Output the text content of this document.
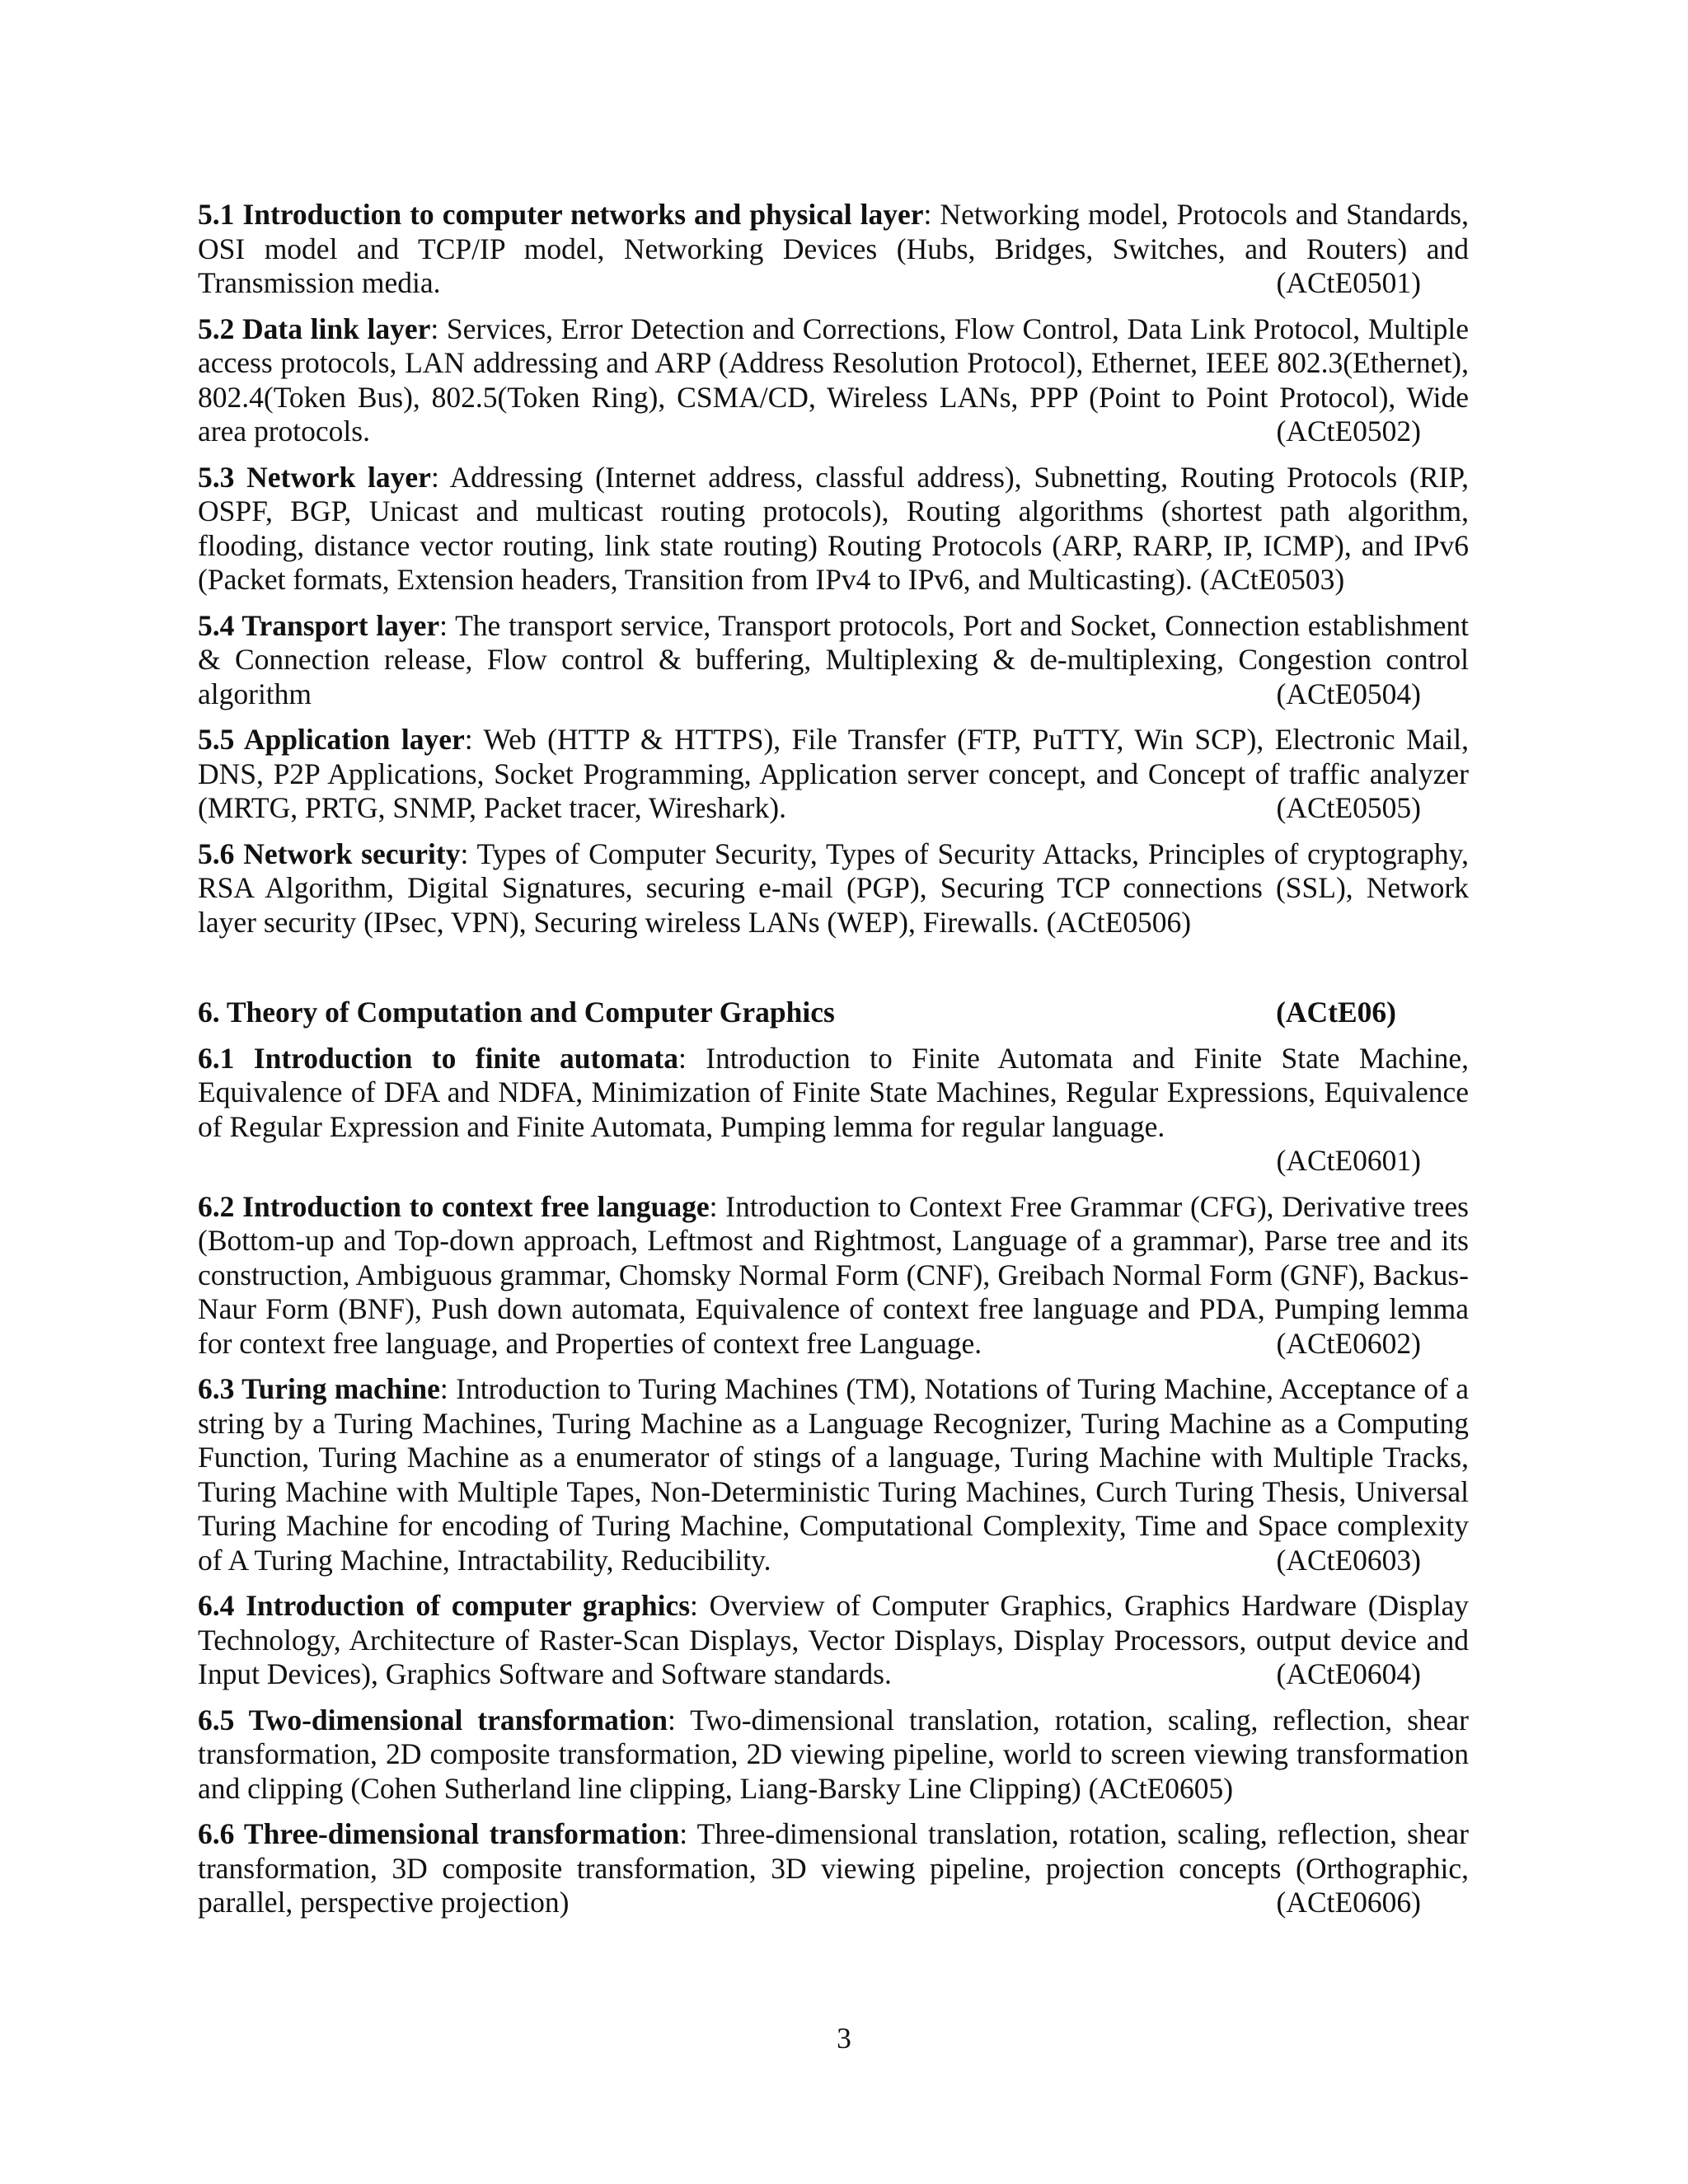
5.1 Introduction to computer networks and physical layer: Networking model, Protocols and Standards, OSI model and TCP/IP model, Networking Devices (Hubs, Bridges, Switches, and Routers) and Transmission media.	(ACtE0501)

5.2 Data link layer: Services, Error Detection and Corrections, Flow Control, Data Link Protocol, Multiple access protocols, LAN addressing and ARP (Address Resolution Protocol), Ethernet, IEEE 802.3(Ethernet), 802.4(Token Bus), 802.5(Token Ring), CSMA/CD, Wireless LANs, PPP (Point to Point Protocol), Wide area protocols.	(ACtE0502)

5.3 Network layer: Addressing (Internet address, classful address), Subnetting, Routing Protocols (RIP, OSPF, BGP, Unicast and multicast routing protocols), Routing algorithms (shortest path algorithm, flooding, distance vector routing, link state routing) Routing Protocols (ARP, RARP, IP, ICMP), and IPv6 (Packet formats, Extension headers, Transition from IPv4 to IPv6, and Multicasting). (ACtE0503)

5.4 Transport layer: The transport service, Transport protocols, Port and Socket, Connection establishment & Connection release, Flow control & buffering, Multiplexing & de-multiplexing, Congestion control algorithm	(ACtE0504)

5.5 Application layer: Web (HTTP & HTTPS), File Transfer (FTP, PuTTY, Win SCP), Electronic Mail, DNS, P2P Applications, Socket Programming, Application server concept, and Concept of traffic analyzer (MRTG, PRTG, SNMP, Packet tracer, Wireshark).	(ACtE0505)

5.6 Network security: Types of Computer Security, Types of Security Attacks, Principles of cryptography, RSA Algorithm, Digital Signatures, securing e-mail (PGP), Securing TCP connections (SSL), Network layer security (IPsec, VPN), Securing wireless LANs (WEP), Firewalls. (ACtE0506)

6. Theory of Computation and Computer Graphics	(ACtE06)

6.1 Introduction to finite automata: Introduction to Finite Automata and Finite State Machine, Equivalence of DFA and NDFA, Minimization of Finite State Machines, Regular Expressions, Equivalence of Regular Expression and Finite Automata, Pumping lemma for regular language.
(ACtE0601)

6.2 Introduction to context free language: Introduction to Context Free Grammar (CFG), Derivative trees (Bottom-up and Top-down approach, Leftmost and Rightmost, Language of a grammar), Parse tree and its construction, Ambiguous grammar, Chomsky Normal Form (CNF), Greibach Normal Form (GNF), Backus-Naur Form (BNF), Push down automata, Equivalence of context free language and PDA, Pumping lemma for context free language, and Properties of context free Language.	(ACtE0602)

6.3 Turing machine: Introduction to Turing Machines (TM), Notations of Turing Machine, Acceptance of a string by a Turing Machines, Turing Machine as a Language Recognizer, Turing Machine as a Computing Function, Turing Machine as a enumerator of stings of a language, Turing Machine with Multiple Tracks, Turing Machine with Multiple Tapes, Non-Deterministic Turing Machines, Curch Turing Thesis, Universal Turing Machine for encoding of Turing Machine, Computational Complexity, Time and Space complexity of A Turing Machine, Intractability, Reducibility.	(ACtE0603)

6.4 Introduction of computer graphics: Overview of Computer Graphics, Graphics Hardware (Display Technology, Architecture of Raster-Scan Displays, Vector Displays, Display Processors, output device and Input Devices), Graphics Software and Software standards.	(ACtE0604)

6.5 Two-dimensional transformation: Two-dimensional translation, rotation, scaling, reflection, shear transformation, 2D composite transformation, 2D viewing pipeline, world to screen viewing transformation and clipping (Cohen Sutherland line clipping, Liang-Barsky Line Clipping) (ACtE0605)

6.6 Three-dimensional transformation: Three-dimensional translation, rotation, scaling, reflection, shear transformation, 3D composite transformation, 3D viewing pipeline, projection concepts (Orthographic, parallel, perspective projection)	(ACtE0606)

3
